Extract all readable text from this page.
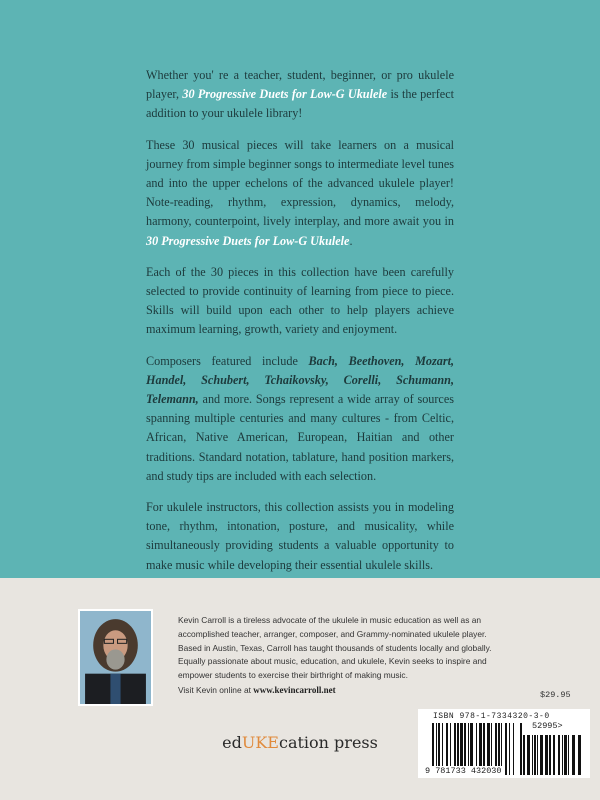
Whether you' re a teacher, student, beginner, or pro ukulele player, 30 Progressive Duets for Low-G Ukulele is the perfect addition to your ukulele library!

These 30 musical pieces will take learners on a musical journey from simple beginner songs to intermediate level tunes and into the upper echelons of the advanced ukulele player! Note-reading, rhythm, expression, dynamics, melody, harmony, counterpoint, lively interplay, and more await you in 30 Progressive Duets for Low-G Ukulele.

Each of the 30 pieces in this collection have been carefully selected to provide continuity of learning from piece to piece. Skills will build upon each other to help players achieve maximum learning, growth, variety and enjoyment.

Composers featured include Bach, Beethoven, Mozart, Handel, Schubert, Tchaikovsky, Corelli, Schumann, Telemann, and more. Songs represent a wide array of sources spanning multiple centuries and many cultures - from Celtic, African, Native American, European, Haitian and other traditions. Standard notation, tablature, hand position markers, and study tips are included with each selection.

For ukulele instructors, this collection assists you in modeling tone, rhythm, intonation, posture, and musicality, while simultaneously providing students a valuable opportunity to make music while developing their essential ukulele skills.

Kevin Carroll is a tireless advocate of the ukulele in music education as well as an accomplished teacher, arranger, composer, and Grammy-nominated ukulele player. Based in Austin, Texas, Carroll has taught thousands of students locally and globally. Equally passionate about music, education, and ukulele, Kevin seeks to inspire and empower students to exercise their birthright of making music.

Visit Kevin online at www.kevincarroll.net	$29.95
ISBN 978-1-7334320-3-0
52995>
9 781733 432030
edUKEcation press
